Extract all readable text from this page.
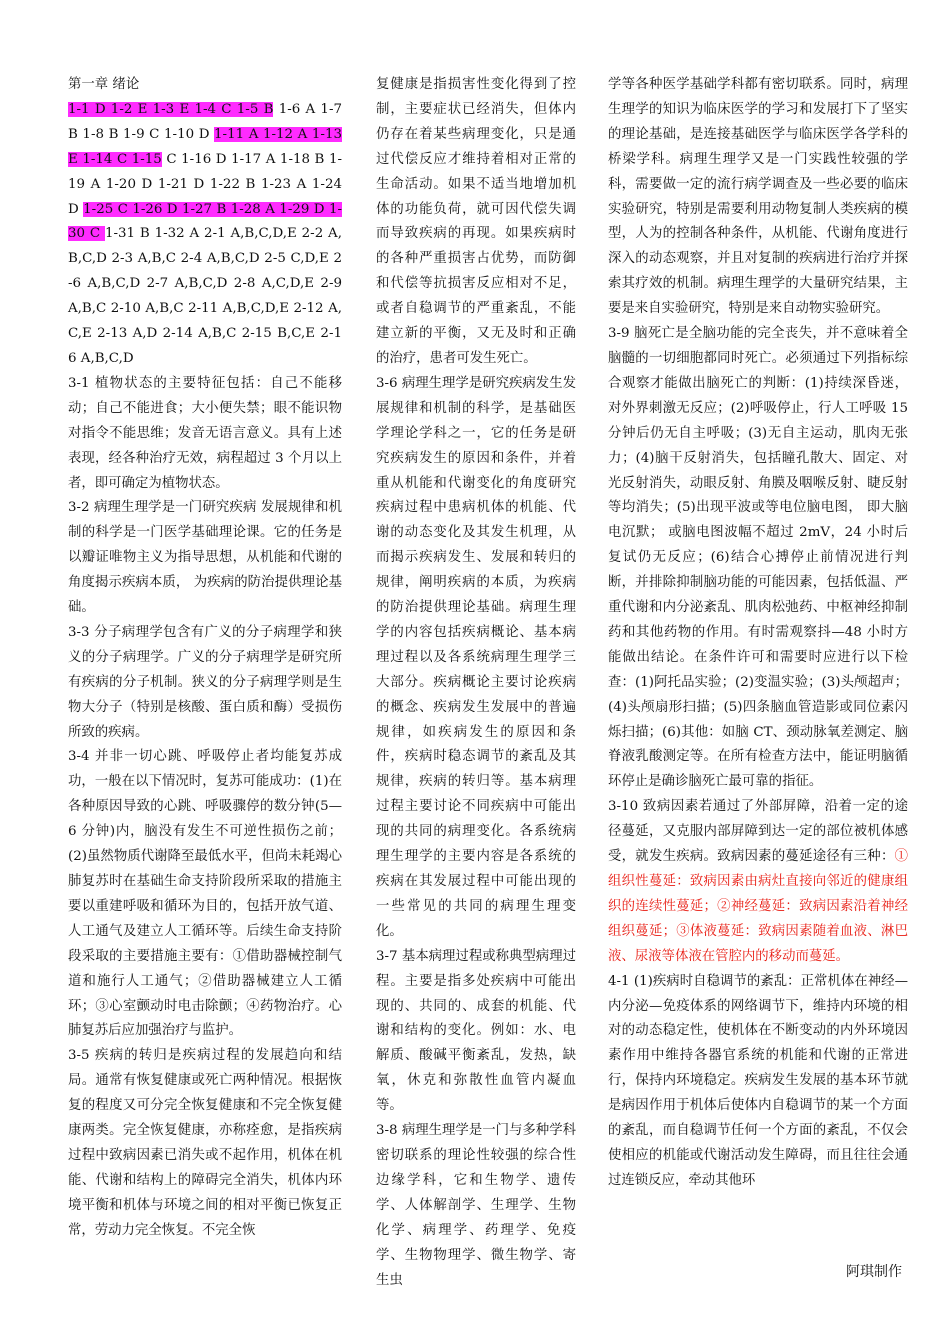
第一章 绪论

1-1 D 1-2 E 1-3 E 1-4 C 1-5 B 1-6 A 1-7 B 1-8 B 1-9 C 1-10 D 1-11 A 1-12 A 1-13 E 1-14 C 1-15 C 1-16 D 1-17 A 1-18 B 1-19 A 1-20 D 1-21 D 1-22 B 1-23 A 1-24 D 1-25 C 1-26 D 1-27 B 1-28 A 1-29 D 1-30 C 1-31 B 1-32 A 2-1 A,B,C,D,E 2-2 A,B,C,D 2-3 A,B,C 2-4 A,B,C,D 2-5 C,D,E 2-6 A,B,C,D 2-7 A,B,C,D 2-8 A,C,D,E 2-9 A,B,C 2-10 A,B,C 2-11 A,B,C,D,E 2-12 A,C,E 2-13 A,D 2-14 A,B,C 2-15 B,C,E 2-16 A,B,C,D

3-1 植物状态的主要特征包括：自己不能移动；自己不能进食；大小便失禁；眼不能识物对指令不能思维；发音无语言意义。具有上述表现，经各种治疗无效，病程超过 3 个月以上者，即可确定为植物状态。

3-2 病理生理学是一门研究疾病 发展规律和机制的科学是一门医学基础理论课。它的任务是以瓣证唯物主义为指导思想，从机能和代谢的角度揭示疾病本质， 为疾病的防治提供理论基础。

3-3 分子病理学包含有广义的分子病理学和狭义的分子病理学。广义的分子病理学是研究所有疾病的分子机制。狭义的分子病理学则是生物大分子（特别是核酸、蛋白质和酶）受损伤所致的疾病。

3-4 并非一切心跳、呼吸停止者均能复苏成功，一般在以下情况时，复苏可能成功：(1)在各种原因导致的心跳、呼吸骤停的数分钟(5—6 分钟)内，脑没有发生不可逆性损伤之前；(2)虽然物质代谢降至最低水平，但尚未耗竭心肺复苏时在基础生命支持阶段所采取的措施主要以重建呼吸和循环为目的，包括开放气道、人工通气及建立人工循环等。后续生命支持阶段采取的主要措施主要有：①借助器械控制气道和施行人工通气；②借助器械建立人工循环；③心室颤动时电击除颤；④药物治疗。心肺复苏后应加强治疗与监护。

3-5 疾病的转归是疾病过程的发展趋向和结局。通常有恢复健康或死亡两种情况。根据恢复的程度又可分完全恢复健康和不完全恢复健康两类。完全恢复健康，亦称痊愈，是指疾病过程中致病因素已消失或不起作用，机体在机能、代谢和结构上的障碍完全消失，机体内环境平衡和机体与环境之间的相对平衡已恢复正常，劳动力完全恢复。不完全恢

复健康是指损害性变化得到了控制，主要症状已经消失，但体内仍存在着某些病理变化，只是通过代偿反应才维持着相对正常的生命活动。如果不适当地增加机体的功能负荷，就可因代偿失调而导致疾病的再现。如果疾病时的各种严重损害占优势，而防御和代偿等抗损害反应相对不足，或者自稳调节的严重紊乱，不能建立新的平衡，又无及时和正确的治疗，患者可发生死亡。

3-6 病理生理学是研究疾病发生发展规律和机制的科学，是基础医学理论学科之一，它的任务是研究疾病发生的原因和条件，并着重从机能和代谢变化的角度研究疾病过程中患病机体的机能、代谢的动态变化及其发生机理，从而揭示疾病发生、发展和转归的规律，阐明疾病的本质，为疾病的防治提供理论基础。病理生理学的内容包括疾病概论、基本病理过程以及各系统病理生理学三大部分。疾病概论主要讨论疾病的概念、疾病发生发展中的普遍规律，如疾病发生的原因和条件，疾病时稳态调节的紊乱及其规律，疾病的转归等。基本病理过程主要讨论不同疾病中可能出现的共同的病理变化。各系统病理生理学的主要内容是各系统的疾病在其发展过程中可能出现的一些常见的共同的病理生理变化。

3-7 基本病理过程或称典型病理过程。主要是指多处疾病中可能出现的、共同的、成套的机能、代谢和结构的变化。例如：水、电解质、酸碱平衡紊乱，发热，缺氧，休克和弥散性血管内凝血等。

3-8 病理生理学是一门与多种学科密切联系的理论性较强的综合性边缘学科，它和生物学、遗传学、人体解剖学、生理学、生物化学、病理学、药理学、免疫学、生物物理学、微生物学、寄生虫

学等各种医学基础学科都有密切联系。同时，病理生理学的知识为临床医学的学习和发展打下了坚实的理论基础，是连接基础医学与临床医学各学科的桥梁学科。病理生理学又是一门实践性较强的学科，需要做一定的流行病学调查及一些必要的临床实验研究，特别是需要利用动物复制人类疾病的模型，人为的控制各种条件，从机能、代谢角度进行深入的动态观察，并且对复制的疾病进行治疗并探索其疗效的机制。病理生理学的大量研究结果，主要是来自实验研究，特别是来自动物实验研究。

3-9 脑死亡是全脑功能的完全丧失，并不意味着全脑髓的一切细胞都同时死亡。必须通过下列指标综合观察才能做出脑死亡的判断：(1)持续深昏迷，对外界刺激无反应；(2)呼吸停止，行人工呼吸 15 分钟后仍无自主呼吸；(3)无自主运动，肌肉无张力；(4)脑干反射消失，包括瞳孔散大、固定、对光反射消失，动眼反射、角膜及咽喉反射、睫反射等均消失；(5)出现平波或等电位脑电图， 即大脑电沉默； 或脑电图波幅不超过 2mV，24 小时后复试仍无反应；(6)结合心搏停止前情况进行判断，并排除抑制脑功能的可能因素，包括低温、严重代谢和内分泌紊乱、肌肉松弛药、中枢神经抑制药和其他药物的作用。有时需观察抖—48 小时方能做出结论。在条件许可和需要时应进行以下检查：(1)阿托品实验；(2)变温实验；(3)头颅超声；(4)头颅扇形扫描；(5)四条脑血管造影或同位素闪烁扫描；(6)其他：如脑 CT、颈动脉氧差测定、脑脊液乳酸测定等。在所有检查方法中，能证明脑循环停止是确诊脑死亡最可靠的指征。

3-10 致病因素若通过了外部屏障，沿着一定的途径蔓延，又克服内部屏障到达一定的部位被机体感受，就发生疾病。致病因素的蔓延途径有三种：①组织性蔓延：致病因素由病灶直接向邻近的健康组织的连续性蔓延；②神经蔓延：致病因素沿着神经组织蔓延；③体液蔓延：致病因素随着血液、淋巴液、尿液等体液在管腔内的移动而蔓延。

4-1 (1)疾病时自稳调节的紊乱：正常机体在神经—内分泌—免疫体系的网络调节下，维持内环境的相对的动态稳定性，使机体在不断变动的内外环境因素作用中维持各器官系统的机能和代谢的正常进行，保持内环境稳定。疾病发生发展的基本环节就是病因作用于机体后使体内自稳调节的某一个方面的紊乱，而自稳调节任何一个方面的紊乱，不仅会使相应的机能或代谢活动发生障碍，而且往往会通过连锁反应，牵动其他环

阿琪制作
